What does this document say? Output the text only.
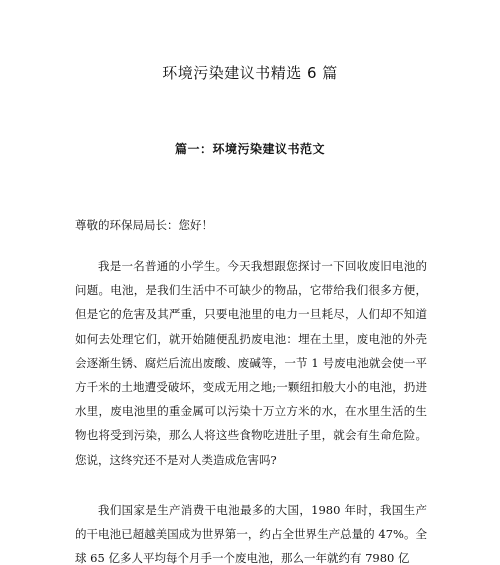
环境污染建议书精选 6 篇
篇一：环境污染建议书范文

尊敬的环保局局长：您好！

我是一名普通的小学生。今天我想跟您探讨一下回收废旧电池的问题。电池，是我们生活中不可缺少的物品，它带给我们很多方便，但是它的危害及其严重，只要电池里的电力一旦耗尽，人们却不知道如何去处理它们，就开始随便乱扔废电池：埋在土里，废电池的外壳会逐渐生锈、腐烂后流出废酸、废碱等，一节 1 号废电池就会使一平方千米的土地遭受破坏，变成无用之地;一颗纽扣般大小的电池，扔进水里，废电池里的重金属可以污染十万立方米的水，在水里生活的生物也将受到污染，那么人将这些食物吃进肚子里，就会有生命危险。您说，这终究还不是对人类造成危害吗?

我们国家是生产消费干电池最多的大国，1980 年时，我国生产的干电池已超越美国成为世界第一，约占全世界生产总量的 47%。全球 65 亿多人平均每个月手一个废电池，那么一年就约有 7980 亿
